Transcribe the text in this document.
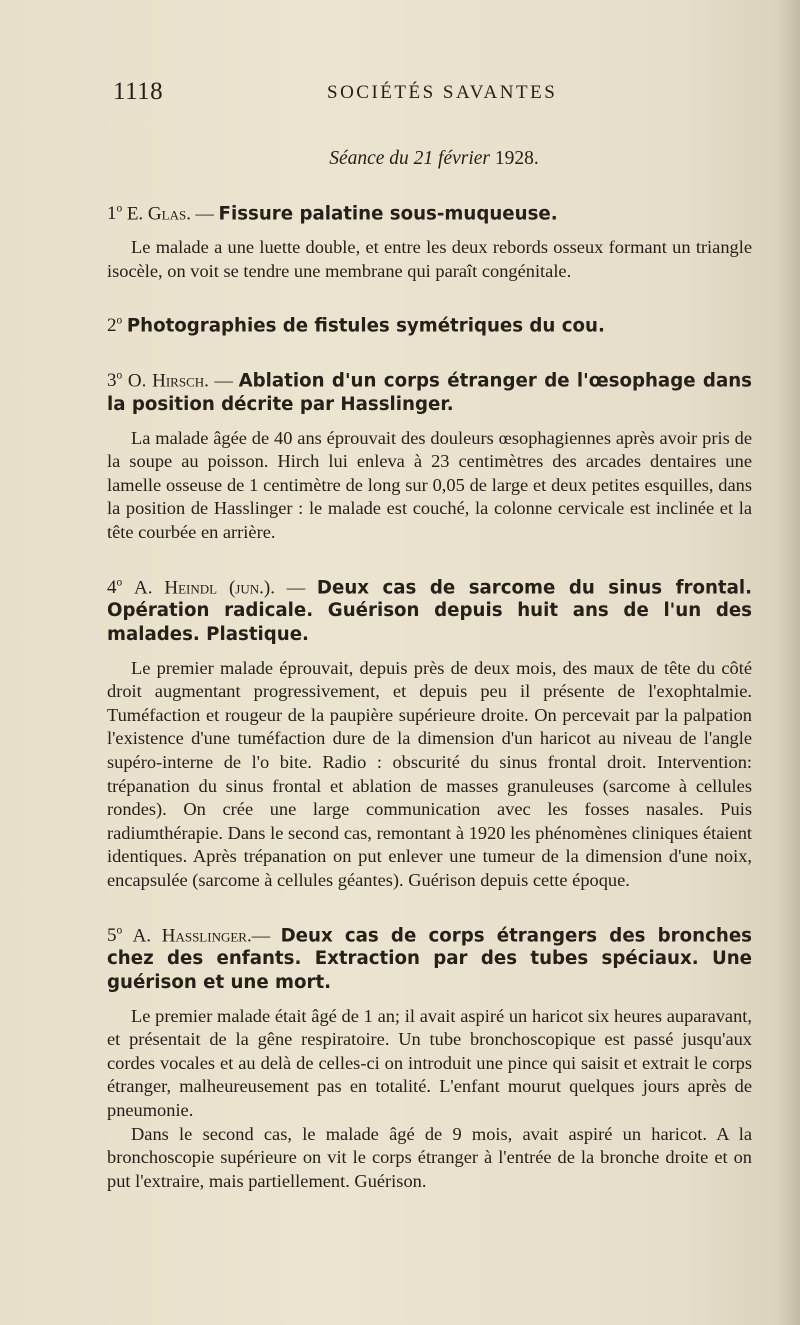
1118	SOCIÉTÉS SAVANTES
Séance du 21 février 1928.

1$^o$ E. Glas. — Fissure palatine sous-muqueuse.

Le malade a une luette double, et entre les deux rebords osseux formant un triangle isocèle, on voit se tendre une membrane qui paraît congénitale.

2$^o$ Photographies de fistules symétriques du cou.

3$^o$ O. Hirsch. — Ablation d'un corps étranger de l'œsophage dans la position décrite par Hasslinger.

La malade âgée de 40 ans éprouvait des douleurs œsophagiennes après avoir pris de la soupe au poisson. Hirch lui enleva à 23 centimètres des arcades dentaires une lamelle osseuse de 1 centimètre de long sur 0,05 de large et deux petites esquilles, dans la position de Hasslinger : le malade est couché, la colonne cervicale est inclinée et la tête courbée en arrière.

4$^o$ A. Heindl (jun.). — Deux cas de sarcome du sinus frontal. Opération radicale. Guérison depuis huit ans de l'un des malades. Plastique.

Le premier malade éprouvait, depuis près de deux mois, des maux de tête du côté droit augmentant progressivement, et depuis peu il présente de l'exophtalmie. Tuméfaction et rougeur de la paupière supérieure droite. On percevait par la palpation l'existence d'une tuméfaction dure de la dimension d'un haricot au niveau de l'angle supéro-interne de l'o bite. Radio : obscurité du sinus frontal droit. Intervention: trépanation du sinus frontal et ablation de masses granuleuses (sarcome à cellules rondes). On crée une large communication avec les fosses nasales. Puis radiumthérapie. Dans le second cas, remontant à 1920 les phénomènes cliniques étaient identiques. Après trépanation on put enlever une tumeur de la dimension d'une noix, encapsulée (sarcome à cellules géantes). Guérison depuis cette époque.

5$^o$ A. Hasslinger.— Deux cas de corps étrangers des bronches chez des enfants. Extraction par des tubes spéciaux. Une guérison et une mort.

Le premier malade était âgé de 1 an; il avait aspiré un haricot six heures auparavant, et présentait de la gêne respiratoire. Un tube bronchoscopique est passé jusqu'aux cordes vocales et au delà de celles-ci on introduit une pince qui saisit et extrait le corps étranger, malheureusement pas en totalité. L'enfant mourut quelques jours après de pneumonie.

Dans le second cas, le malade âgé de 9 mois, avait aspiré un haricot. A la bronchoscopie supérieure on vit le corps étranger à l'entrée de la bronche droite et on put l'extraire, mais partiellement. Guérison.
